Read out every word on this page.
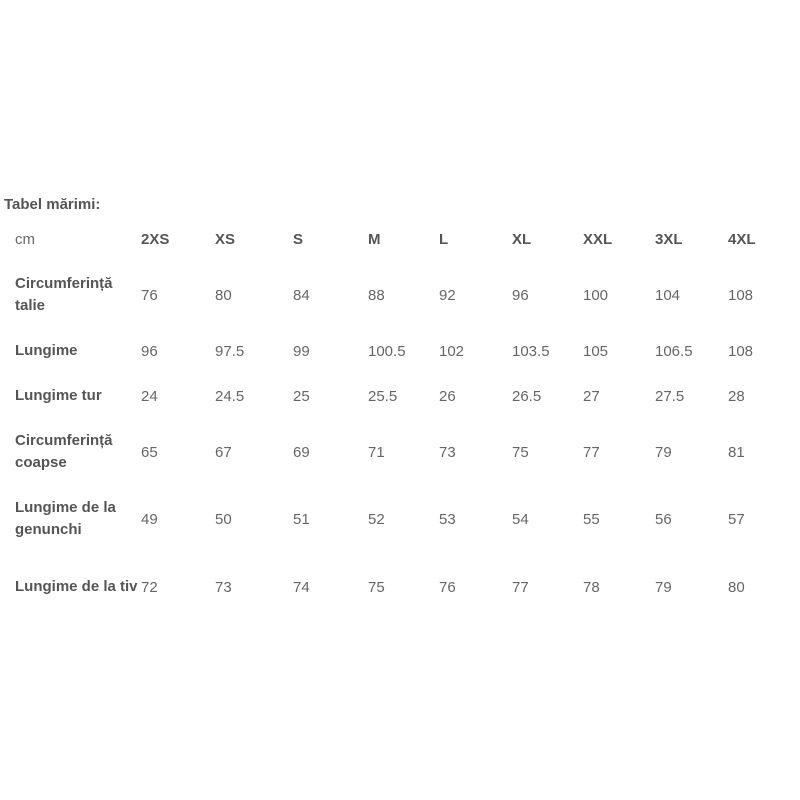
Tabel mărimi:
cm	2XS	XS	S	M	L	XL	XXL	3XL	4XL
Circumferință talie	76	80	84	88	92	96	100	104	108
Lungime	96	97.5	99	100.5	102	103.5	105	106.5	108
Lungime tur	24	24.5	25	25.5	26	26.5	27	27.5	28
Circumferință coapse	65	67	69	71	73	75	77	79	81
Lungime de la genunchi	49	50	51	52	53	54	55	56	57
Lungime de la tiv	72	73	74	75	76	77	78	79	80
